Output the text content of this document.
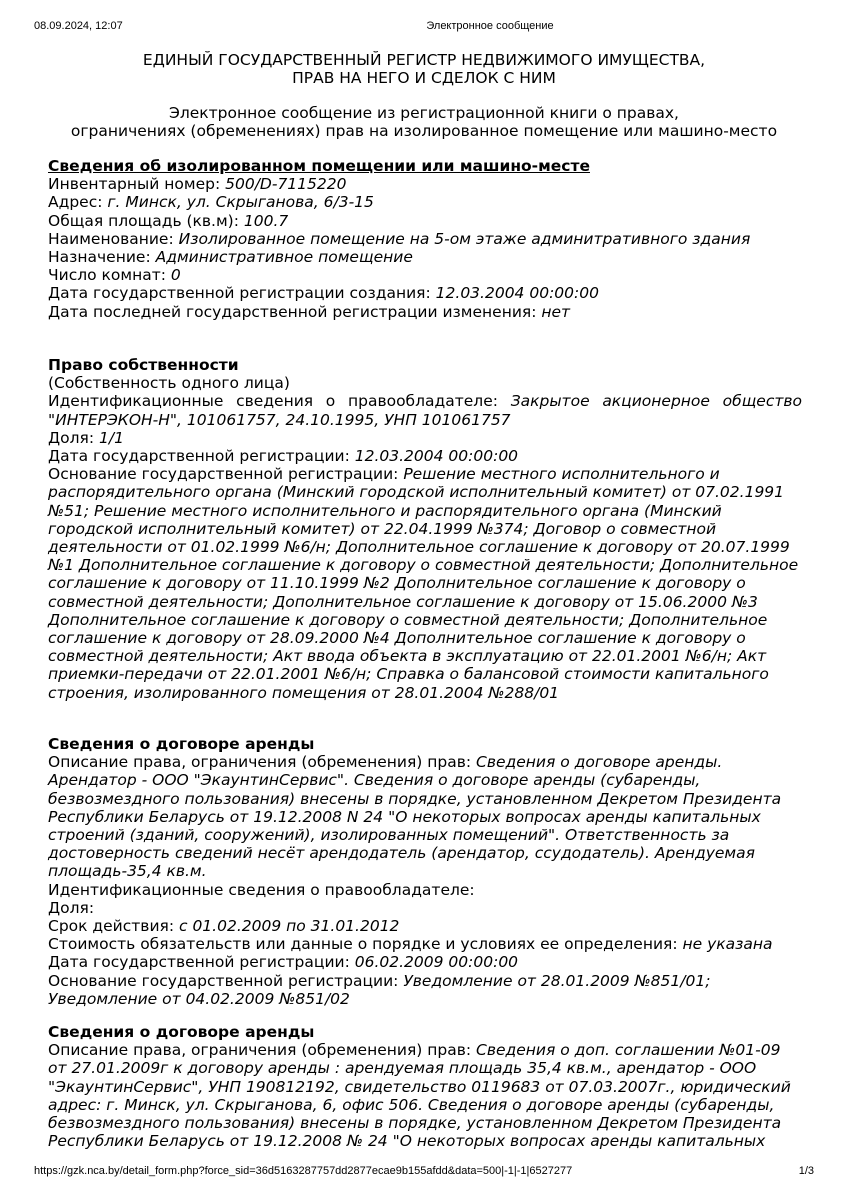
08.09.2024, 12:07	Электронное сообщение

ЕДИНЫЙ ГОСУДАРСТВЕННЫЙ РЕГИСТР НЕДВИЖИМОГО ИМУЩЕСТВА,

ПРАВ НА НЕГО И СДЕЛОК С НИМ

Электронное сообщение из регистрационной книги о правах,

ограничениях (обременениях) прав на изолированное помещение или машино-место

Сведения об изолированном помещении или машино-месте

Инвентарный номер: 500/D-7115220

Адрес: г. Минск, ул. Скрыганова, 6/3-15

Общая площадь (кв.м): 100.7

Наименование: Изолированное помещение на 5-ом этаже админитративного здания

Назначение: Административное помещение

Число комнат: 0

Дата государственной регистрации создания: 12.03.2004 00:00:00

Дата последней государственной регистрации изменения: нет

Право собственности

(Собственность одного лица)

Идентификационные сведения о правообладателе: Закрытое акционерное общество "ИНТЕРЭКОН-Н", 101061757, 24.10.1995, УНП 101061757

Доля: 1/1

Дата государственной регистрации: 12.03.2004 00:00:00

Основание государственной регистрации: Решение местного исполнительного и распорядительного органа (Минский городской исполнительный комитет) от 07.02.1991 №51; Решение местного исполнительного и распорядительного органа (Минский городской исполнительный комитет) от 22.04.1999 №374; Договор о совместной деятельности от 01.02.1999 №6/н; Дополнительное соглашение к договору от 20.07.1999 №1 Дополнительное соглашение к договору о совместной деятельности; Дополнительное соглашение к договору от 11.10.1999 №2 Дополнительное соглашение к договору о совместной деятельности; Дополнительное соглашение к договору от 15.06.2000 №3 Дополнительное соглашение к договору о совместной деятельности; Дополнительное соглашение к договору от 28.09.2000 №4 Дополнительное соглашение к договору о совместной деятельности; Акт ввода объекта в эксплуатацию от 22.01.2001 №6/н; Акт приемки-передачи от 22.01.2001 №6/н; Справка о балансовой стоимости капитального строения, изолированного помещения от 28.01.2004 №288/01

Сведения о договоре аренды

Описание права, ограничения (обременения) прав: Сведения о договоре аренды. Арендатор - ООО "ЭкаунтинСервис". Сведения о договоре аренды (субаренды, безвозмездного пользования) внесены в порядке, установленном Декретом Президента Республики Беларусь от 19.12.2008 N 24 "О некоторых вопросах аренды капитальных строений (зданий, сооружений), изолированных помещений". Ответственность за достоверность сведений несёт арендодатель (арендатор, ссудодатель). Арендуемая площадь-35,4 кв.м.

Идентификационные сведения о правообладателе:

Доля:

Срок действия: с 01.02.2009 по 31.01.2012

Стоимость обязательств или данные о порядке и условиях ее определения: не указана

Дата государственной регистрации: 06.02.2009 00:00:00

Основание государственной регистрации: Уведомление от 28.01.2009 №851/01; Уведомление от 04.02.2009 №851/02

Сведения о договоре аренды

Описание права, ограничения (обременения) прав: Сведения о доп. соглашении №01-09 от 27.01.2009г к договору аренды : арендуемая площадь 35,4 кв.м., арендатор - ООО "ЭкаунтинСервис", УНП 190812192, свидетельство 0119683 от 07.03.2007г., юридический адрес: г. Минск, ул. Скрыганова, 6, офис 506. Сведения о договоре аренды (субаренды, безвозмездного пользования) внесены в порядке, установленном Декретом Президента Республики Беларусь от 19.12.2008 № 24 "О некоторых вопросах аренды капитальных

https://gzk.nca.by/detail_form.php?force_sid=36d5163287757dd2877ecae9b155afdd&data=500|-1|-1|6527277	1/3
